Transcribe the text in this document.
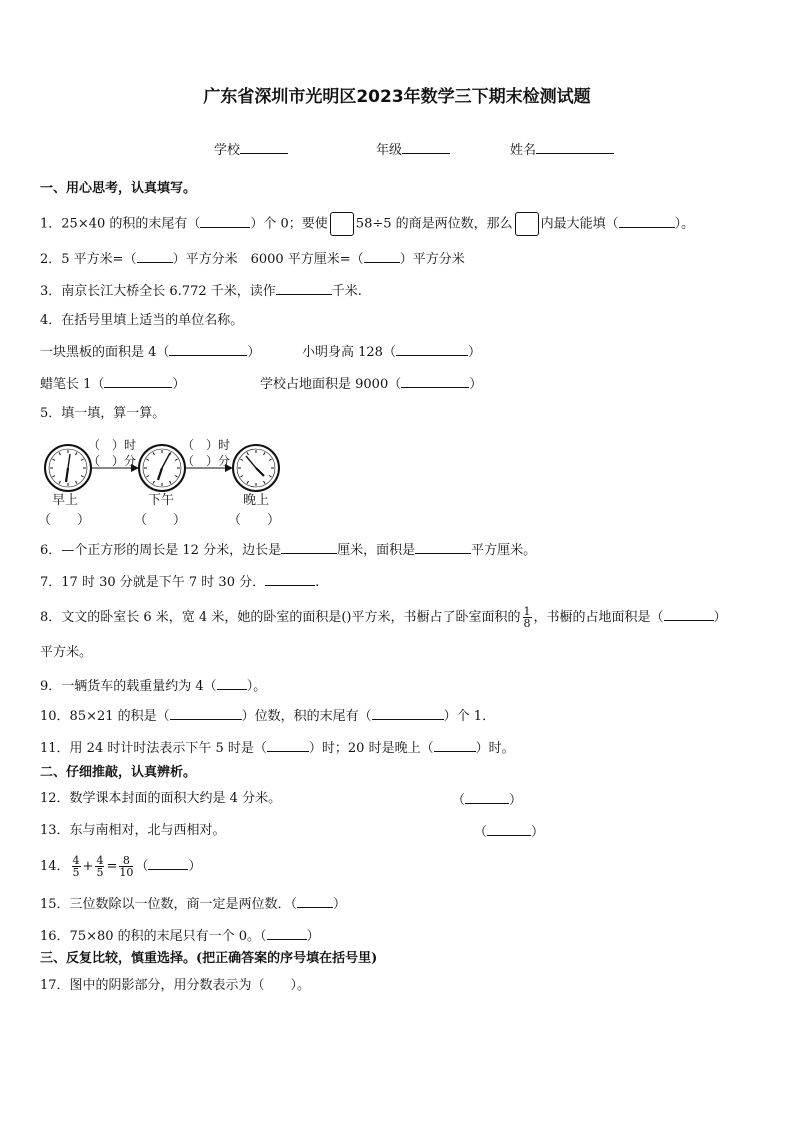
广东省深圳市光明区2023年数学三下期末检测试题
学校	年级	姓名
一、用心思考，认真填写。
1．25×40 的积的末尾有（	）个 0；要使 58÷5 的商是两位数，那么 内最大能填（	）。
2．5 平方米=（	）平方分米　6000 平方厘米=（	）平方分米
3．南京长江大桥全长 6.772 千米，读作	千米.
4．在括号里填上适当的单位名称。
一块黑板的面积是 4（	）	小明身高 128（	）
蜡笔长 1（	）	学校占地面积是 9000（	）
5．填一填，算一算。
（　）时
（　）分
（　）时
（　）分
早上	下午	晚上
（　　）	（　　）	（　　）
6．—个正方形的周长是 12 分米，边长是	厘米，面积是	平方厘米。
7．17 时 30 分就是下午 7 时 30 分．	.
8．文文的卧室长 6 米，宽 4 米，她的卧室的面积是()平方米，书橱占了卧室面积的 $\frac{1}{8}$ ，书橱的占地面积是（	）
平方米。
9．一辆货车的载重量约为 4（ ）。
10．85×21 的积是（	）位数，积的末尾有（	）个 1．
11．用 24 时计时法表示下午 5 时是（	）时；20 时是晚上（	）时。
二、仔细推敲，认真辨析。
12．数学课本封面的面积大约是 4 分米。	（	）
13．东与南相对，北与西相对。	（	）
14． $\frac{4}{5} + \frac{4}{5} = \frac{8}{10}$ （	）
15．三位数除以一位数，商一定是两位数．（	）
16．75×80 的积的末尾只有一个 0。（	）
三、反复比较，慎重选择。(把正确答案的序号填在括号里)
17．图中的阴影部分，用分数表示为（　　）。
